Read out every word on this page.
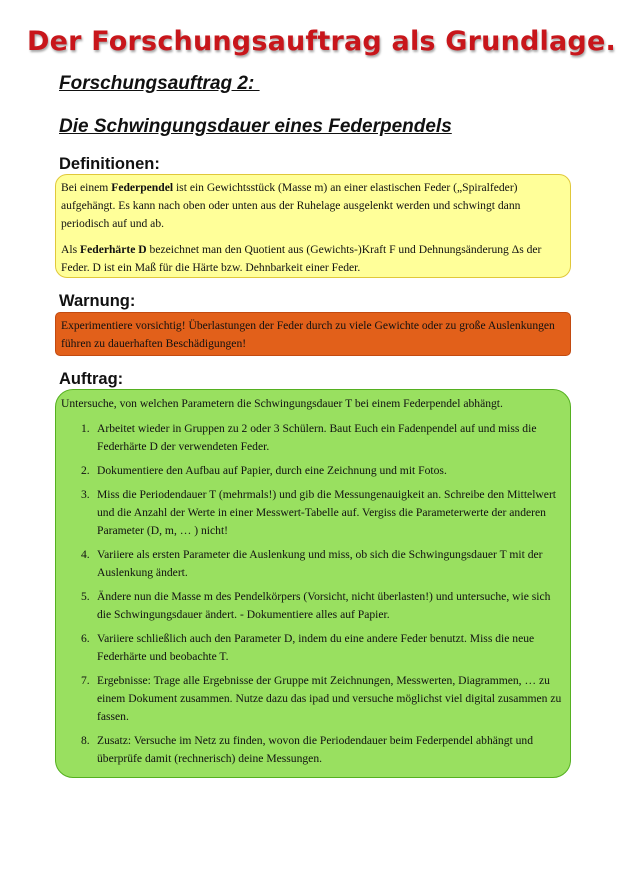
Der Forschungsauftrag als Grundlage.
Forschungsauftrag 2:
Die Schwingungsdauer eines Federpendels
Definitionen:

Bei einem Federpendel ist ein Gewichtsstück (Masse m) an einer elastischen Feder („Spiralfeder) aufgehängt. Es kann nach oben oder unten aus der Ruhelage ausgelenkt werden und schwingt dann periodisch auf und ab.

Als Federhärte D bezeichnet man den Quotient aus (Gewichts-)Kraft F und Dehnungsänderung Δs der Feder. D ist ein Maß für die Härte bzw. Dehnbarkeit einer Feder.

Warnung:
Experimentiere vorsichtig! Überlastungen der Feder durch zu viele Gewichte oder zu große Auslenkungen führen zu dauerhaften Beschädigungen!
Auftrag:

Untersuche, von welchen Parametern die Schwingungsdauer T bei einem Federpendel abhängt.

1. Arbeitet wieder in Gruppen zu 2 oder 3 Schülern. Baut Euch ein Fadenpendel auf und miss die Federhärte D der verwendeten Feder.
2. Dokumentiere den Aufbau auf Papier, durch eine Zeichnung und mit Fotos.
3. Miss die Periodendauer T (mehrmals!) und gib die Messungenauigkeit an. Schreibe den Mittelwert und die Anzahl der Werte in einer Messwert-Tabelle auf. Vergiss die Parameterwerte der anderen Parameter (D, m, … ) nicht!
4. Variiere als ersten Parameter die Auslenkung und miss, ob sich die Schwingungsdauer T mit der Auslenkung ändert.
5. Ändere nun die Masse m des Pendelkörpers (Vorsicht, nicht überlasten!) und untersuche, wie sich die Schwingungsdauer ändert. - Dokumentiere alles auf Papier.
6. Variiere schließlich auch den Parameter D, indem du eine andere Feder benutzt. Miss die neue Federhärte und beobachte T.
7. Ergebnisse: Trage alle Ergebnisse der Gruppe mit Zeichnungen, Messwerten, Diagrammen, … zu einem Dokument zusammen. Nutze dazu das ipad und versuche möglichst viel digital zusammen zu fassen.
8. Zusatz: Versuche im Netz zu finden, wovon die Periodendauer beim Federpendel abhängt und überprüfe damit (rechnerisch) deine Messungen.
